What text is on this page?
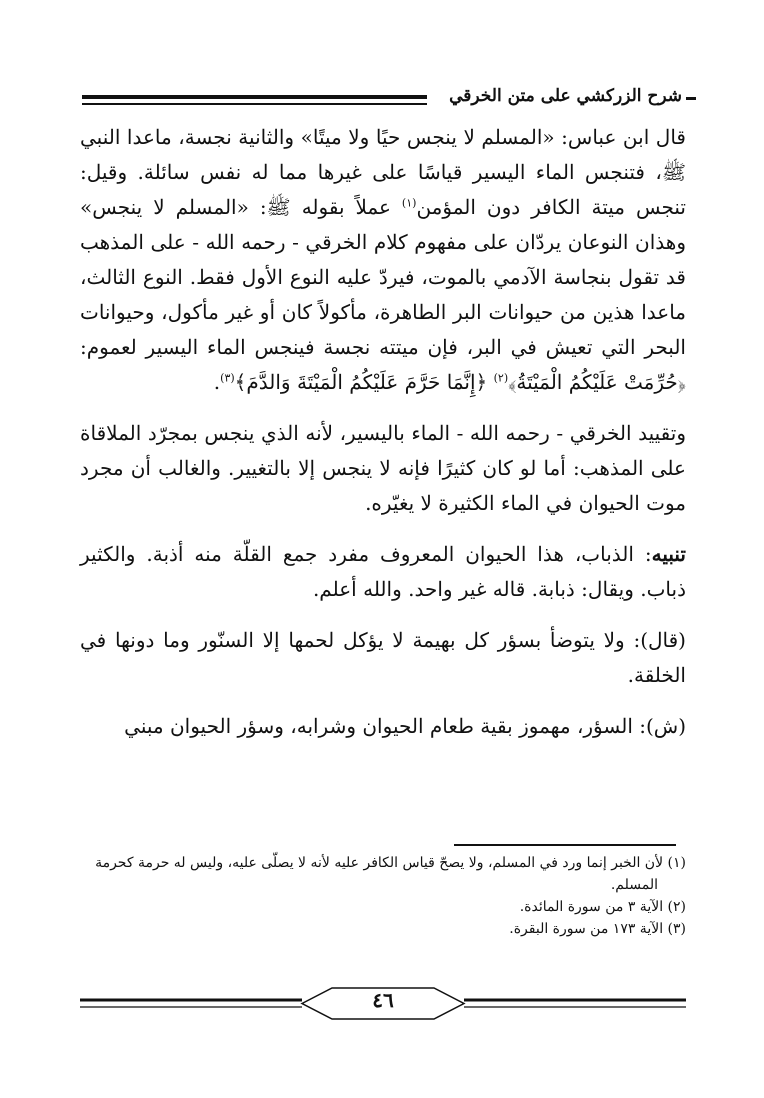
شرح الزركشي على متن الخرقي

قال ابن عباس: «المسلم لا ينجس حيًا ولا ميتًا» والثانية نجسة، ماعدا النبي ﷺ، فتنجس الماء اليسير قياسًا على غيرها مما له نفس سائلة. وقيل: تنجس ميتة الكافر دون المؤمن$^{(١)}$ عملاً بقوله ﷺ: «المسلم لا ينجس» وهذان النوعان يردّان على مفهوم كلام الخرقي - رحمه الله - على المذهب قد تقول بنجاسة الآدمي بالموت، فيردّ عليه النوع الأول فقط. النوع الثالث، ماعدا هذين من حيوانات البر الطاهرة، مأكولاً كان أو غير مأكول، وحيوانات البحر التي تعيش في البر، فإن ميتته نجسة فينجس الماء اليسير لعموم: ﴿حُرِّمَتْ عَلَيْكُمُ الْمَيْتَةُ﴾$^{(٢)}$ ﴿إِنَّمَا حَرَّمَ عَلَيْكُمُ الْمَيْتَةَ وَالدَّمَ﴾$^{(٣)}$.

وتقييد الخرقي - رحمه الله - الماء باليسير، لأنه الذي ينجس بمجرّد الملاقاة على المذهب: أما لو كان كثيرًا فإنه لا ينجس إلا بالتغيير. والغالب أن مجرد موت الحيوان في الماء الكثيرة لا يغيّره.

تنبيه: الذباب، هذا الحيوان المعروف مفرد جمع القلّة منه أذبة. والكثير ذباب. ويقال: ذبابة. قاله غير واحد. والله أعلم.

(قال): ولا يتوضأ بسؤر كل بهيمة لا يؤكل لحمها إلا السنّور وما دونها في الخلقة.

(ش): السؤر، مهموز بقية طعام الحيوان وشرابه، وسؤر الحيوان مبني

(١) لأن الخبر إنما ورد في المسلم، ولا يصحّ قياس الكافر عليه لأنه لا يصلّى عليه، وليس له حرمة كحرمة
المسلم.
(٢) الآية ٣ من سورة المائدة.
(٣) الآية ١٧٣ من سورة البقرة.
٤٦
